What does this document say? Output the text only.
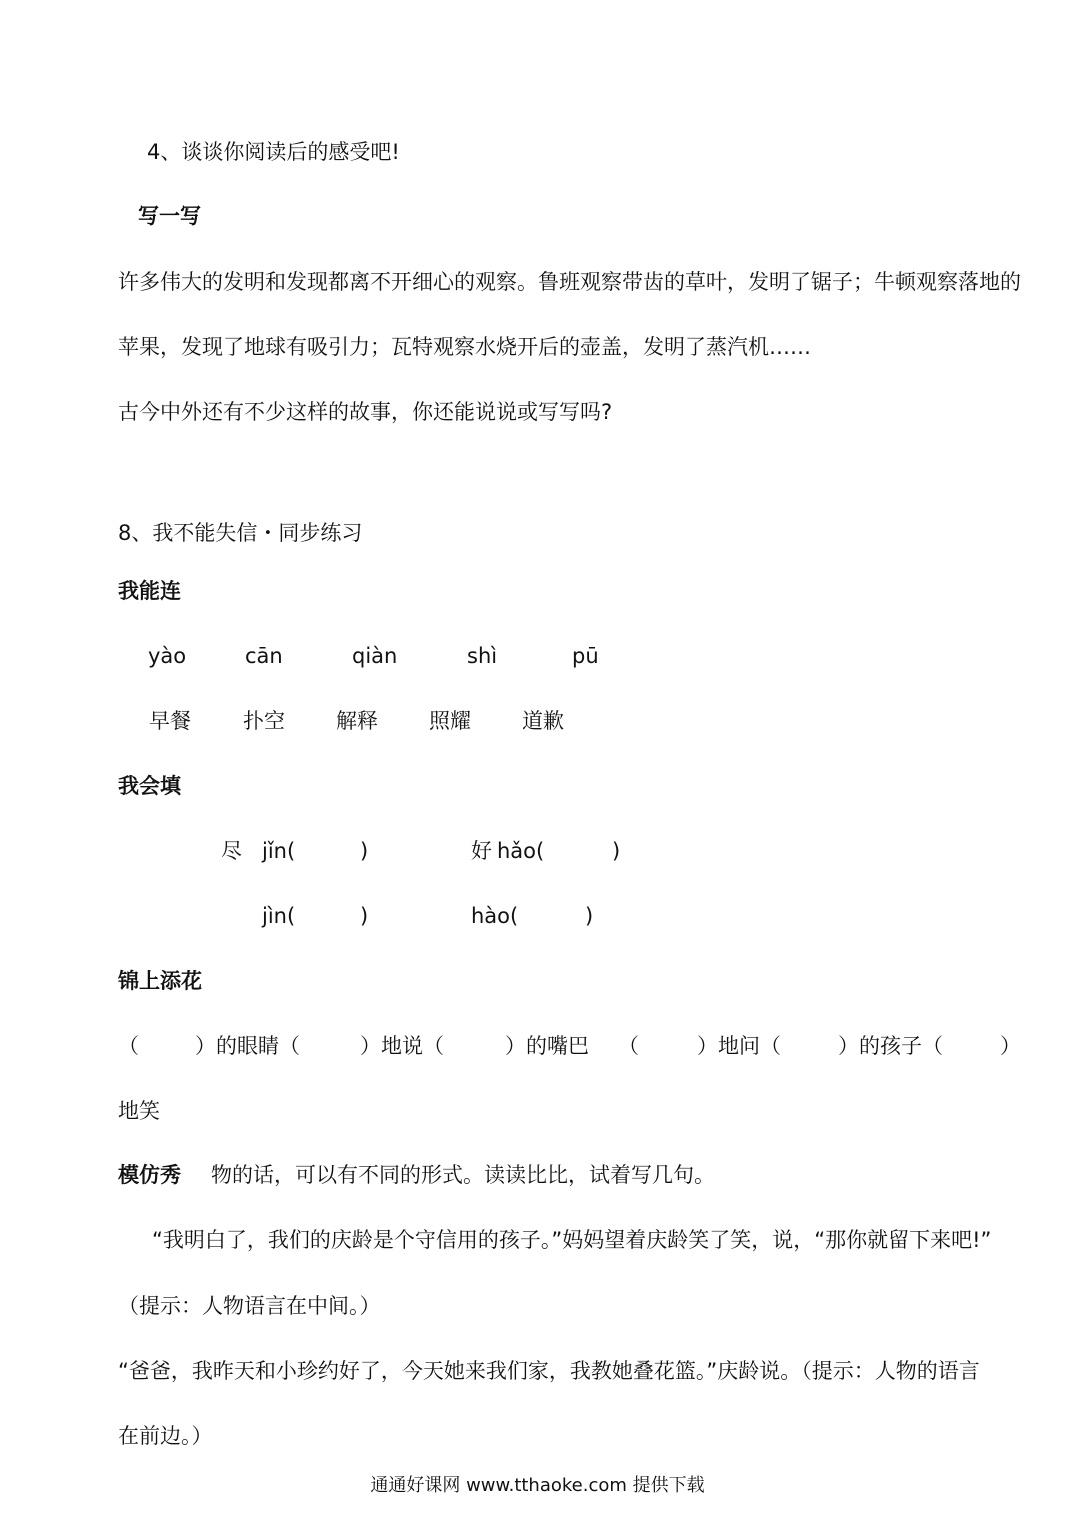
4、谈谈你阅读后的感受吧!
写一写
许多伟大的发明和发现都离不开细心的观察。鲁班观察带齿的草叶，发明了锯子；牛顿观察落地的
苹果，发现了地球有吸引力；瓦特观察水烧开后的壶盖，发明了蒸汽机……
古今中外还有不少这样的故事，你还能说说或写写吗?
8、我不能失信・同步练习
我能连
yào	cān	qiàn	shì	pū
早餐 扑空 解释 照耀 道歉
我会填
尽 jǐn(	)	好 hǎo(	)
jìn(	)	hào(	)
锦上添花
（	）的眼睛（	）地说（	）的嘴巴 （	）地问（	）的孩子（	）
地笑
模仿秀 物的话，可以有不同的形式。读读比比，试着写几句。
“我明白了，我们的庆龄是个守信用的孩子。”妈妈望着庆龄笑了笑，说，“那你就留下来吧!”
（提示：人物语言在中间。）
“爸爸，我昨天和小珍约好了，今天她来我们家，我教她叠花篮。”庆龄说。（提示：人物的语言
在前边。）
通通好课网 www.tthaoke.com 提供下载
